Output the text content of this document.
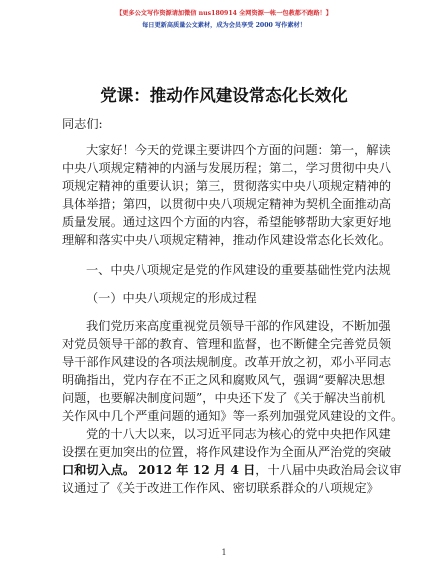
【更多公文写作资源请加微信 nus180914 全网资源一帐一包教都不跑路！】
每日更新高质量公文素材，成为会员享受 2000 写作素材！
党课：推动作风建设常态化长效化
同志们:
大家好！今天的党课主要讲四个方面的问题：第一，解读
中央八项规定精神的内涵与发展历程；第二，学习贯彻中央八
项规定精神的重要认识；第三，贯彻落实中央八项规定精神的
具体举措；第四，以贯彻中央八项规定精神为契机全面推动高
质量发展。通过这四个方面的内容，希望能够帮助大家更好地
理解和落实中央八项规定精神，推动作风建设常态化长效化。
一、中央八项规定是党的作风建设的重要基础性党内法规
（一）中央八项规定的形成过程
我们党历来高度重视党员领导干部的作风建设，不断加强
对党员领导干部的教育、管理和监督，也不断健全完善党员领
导干部作风建设的各项法规制度。改革开放之初，邓小平同志
明确指出，党内存在不正之风和腐败风气，强调“要解决思想
问题，也要解决制度问题”，中央还下发了《关于解决当前机
关作风中几个严重问题的通知》等一系列加强党风建设的文件。
党的十八大以来，以习近平同志为核心的党中央把作风建
设摆在更加突出的位置，将作风建设作为全面从严治党的突破
口和切入点。 2012 年 12 月 4 日，十八届中央政治局会议审
议通过了《关于改进工作作风、密切联系群众的八项规定》
1
